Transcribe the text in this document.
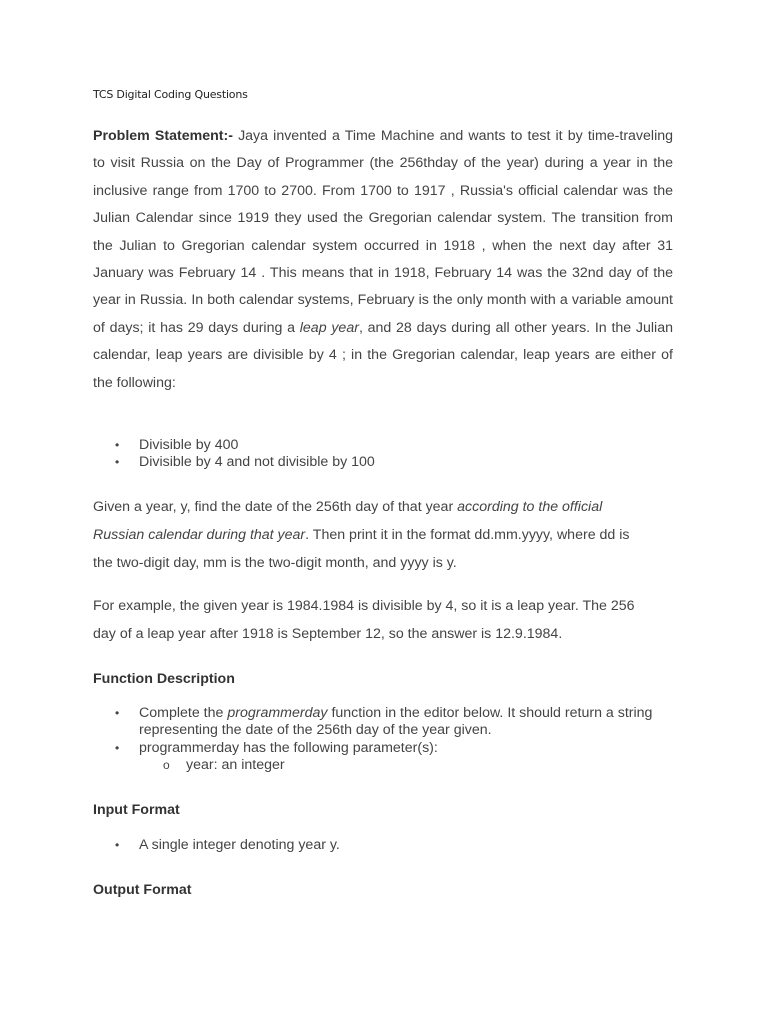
TCS Digital Coding Questions
Problem Statement:- Jaya invented a Time Machine and wants to test it by time-traveling to visit Russia on the Day of Programmer (the 256thday of the year) during a year in the inclusive range from 1700 to 2700. From 1700 to 1917 , Russia's official calendar was the Julian Calendar since 1919 they used the Gregorian calendar system. The transition from the Julian to Gregorian calendar system occurred in 1918 , when the next day after 31 January was February 14 . This means that in 1918, February 14 was the 32nd day of the year in Russia. In both calendar systems, February is the only month with a variable amount of days; it has 29 days during a leap year, and 28 days during all other years. In the Julian calendar, leap years are divisible by 4 ; in the Gregorian calendar, leap years are either of the following:
• Divisible by 400
• Divisible by 4 and not divisible by 100
Given a year, y, find the date of the 256th day of that year according to the official Russian calendar during that year. Then print it in the format dd.mm.yyyy, where dd is the two-digit day, mm is the two-digit month, and yyyy is y.
For example, the given year is 1984.1984 is divisible by 4, so it is a leap year. The 256 day of a leap year after 1918 is September 12, so the answer is 12.9.1984.
Function Description
• Complete the programmerday function in the editor below. It should return a string representing the date of the 256th day of the year given.
• programmerday has the following parameter(s):
o year: an integer
Input Format
• A single integer denoting year y.
Output Format
